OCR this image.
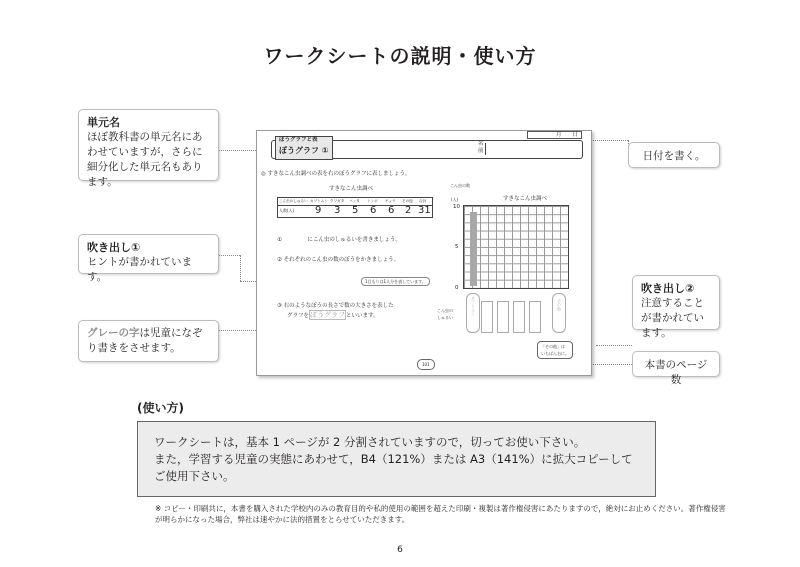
ワークシートの説明・使い方
単元名
ほぼ教科書の単元名にあわせていますが，さらに細分化した単元名もあります。
吹き出し①
ヒントが書かれています。
グレーの字は児童になぞり書きをさせます。
日付を書く。
吹き出し②
注意することが書かれています。
本書のページ数
月　　日
ぼうグラフと表
ぼうグラフ ①
名
前
◎ すきなこん虫調べの表を右のぼうグラフに表しましょう。
すきなこん虫調べ
こん虫のしゅるい カブトムシ クワガタ バッタ トンボ チョウ その他 合計
人数(人) 9 3 5 6 6 2 31
① 　　　　 にこん虫のしゅるいを書きましょう。
② それぞれのこん虫の数のぼうをかきましょう。
1目もりは1人分を表しています。
③ 右のようなぼうの長さで数の大きさを表した
グラフをぼうグラフといいます。
こん虫の数
(人)	すきなこん虫調べ
10
5
0
こん虫の
しゅるい
カブトムシ	その他
「その他」は
いちばん右に。
101
(使い方)
ワークシートは，基本 1 ページが 2 分割されていますので，切ってお使い下さい。
また，学習する児童の実態にあわせて，B4（121%）または A3（141%）に拡大コピーしてご使用下さい。
※ コピー・印刷共に，本書を購入された学校内のみの教育目的や私的使用の範囲を超えた印刷・複製は著作権侵害にあたりますので，絶対にお止めください。著作権侵害が明らかになった場合，弊社は速やかに法的措置をとらせていただきます。
6
